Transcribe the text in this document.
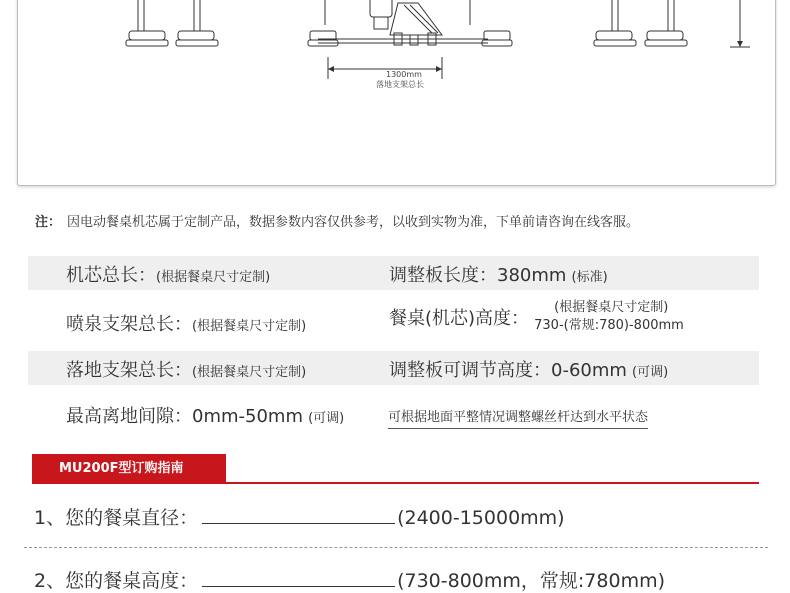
1300mm
落地支架总长
注： 因电动餐桌机芯属于定制产品，数据参数内容仅供参考，以收到实物为准，下单前请咨询在线客服。
机芯总长：(根据餐桌尺寸定制)	调整板长度：380mm (标准)
喷泉支架总长：(根据餐桌尺寸定制)	餐桌(机芯)高度：
(根据餐桌尺寸定制)
730-(常规:780)-800mm
落地支架总长：(根据餐桌尺寸定制)	调整板可调节高度：0-60mm (可调)
最高离地间隙：0mm-50mm (可调)	可根据地面平整情况调整螺丝杆达到水平状态
MU200F型订购指南
1、您的餐桌直径：	(2400-15000mm)
2、您的餐桌高度：	(730-800mm，常规:780mm)
